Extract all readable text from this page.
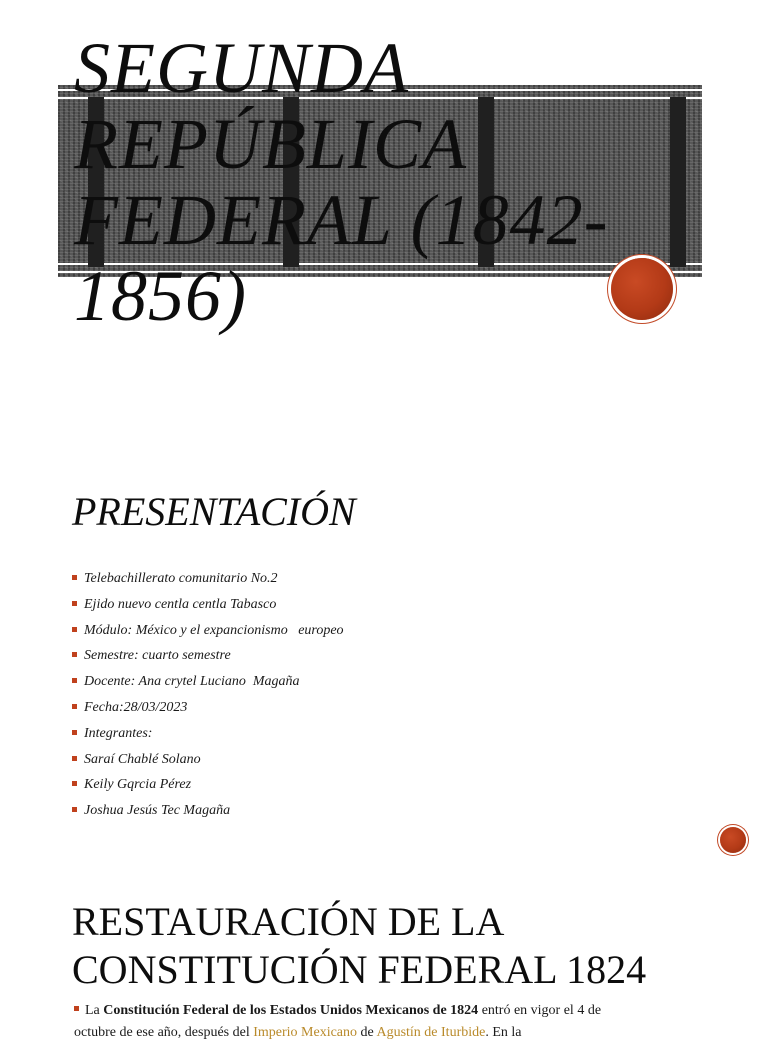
SEGUNDA
REPÚBLICA
FEDERAL (1842-
1856)
PRESENTACIÓN
Telebachillerato comunitario No.2
Ejido nuevo centla centla Tabasco
Módulo: México y el expancionismo   europeo
Semestre: cuarto semestre
Docente: Ana crytel Luciano  Magaña
Fecha:28/03/2023
Integrantes:
Saraí Chablé Solano
Keily Gqrcia Pérez
Joshua Jesús Tec Magaña
RESTAURACIÓN DE LA
CONSTITUCIÓN FEDERAL 1824

La Constitución Federal de los Estados Unidos Mexicanos de 1824 entró en vigor el 4 de
octubre de ese año, después del Imperio Mexicano de Agustín de Iturbide. En la
